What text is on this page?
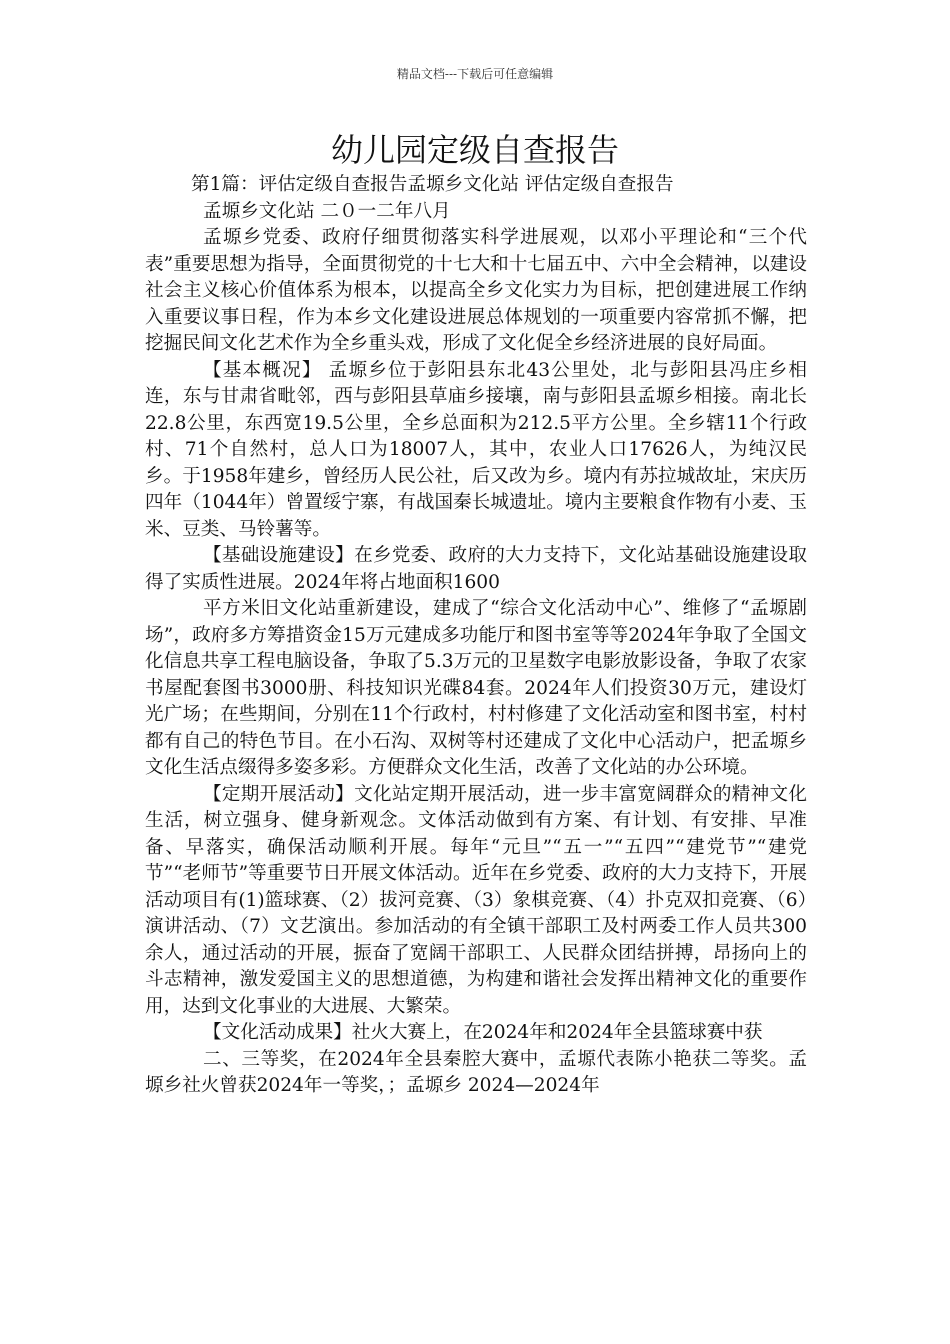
精品文档---下载后可任意编辑
幼儿园定级自查报告

第1篇：评估定级自查报告孟塬乡文化站 评估定级自查报告

孟塬乡文化站 二０一二年八月

孟塬乡党委、政府仔细贯彻落实科学进展观，以邓小平理论和“三个代表”重要思想为指导，全面贯彻党的十七大和十七届五中、六中全会精神，以建设社会主义核心价值体系为根本，以提高全乡文化实力为目标，把创建进展工作纳入重要议事日程，作为本乡文化建设进展总体规划的一项重要内容常抓不懈，把挖掘民间文化艺术作为全乡重头戏，形成了文化促全乡经济进展的良好局面。

【基本概况】 孟塬乡位于彭阳县东北43公里处，北与彭阳县冯庄乡相连，东与甘肃省毗邻，西与彭阳县草庙乡接壤，南与彭阳县孟塬乡相接。南北长22.8公里，东西宽19.5公里，全乡总面积为212.5平方公里。全乡辖11个行政村、71个自然村，总人口为18007人，其中，农业人口17626人，为纯汉民乡。于1958年建乡，曾经历人民公社，后又改为乡。境内有苏拉城故址，宋庆历四年（1044年）曾置绥宁寨，有战国秦长城遗址。境内主要粮食作物有小麦、玉米、豆类、马铃薯等。

【基础设施建设】在乡党委、政府的大力支持下，文化站基础设施建设取得了实质性进展。2024年将占地面积1600

平方米旧文化站重新建设，建成了“综合文化活动中心”、维修了“孟塬剧场”，政府多方筹措资金15万元建成多功能厅和图书室等等2024年争取了全国文化信息共享工程电脑设备，争取了5.3万元的卫星数字电影放影设备，争取了农家书屋配套图书3000册、科技知识光碟84套。2024年人们投资30万元，建设灯光广场；在些期间，分别在11个行政村，村村修建了文化活动室和图书室，村村都有自己的特色节目。在小石沟、双树等村还建成了文化中心活动户，把孟塬乡文化生活点缀得多姿多彩。方便群众文化生活，改善了文化站的办公环境。

【定期开展活动】文化站定期开展活动，进一步丰富宽阔群众的精神文化生活，树立强身、健身新观念。文体活动做到有方案、有计划、有安排、早准备、早落实，确保活动顺利开展。每年“元旦”“五一”“五四”“建党节”“建党节”“老师节”等重要节日开展文体活动。近年在乡党委、政府的大力支持下，开展活动项目有(1)篮球赛、（2）拔河竞赛、（3）象棋竞赛、（4）扑克双扣竞赛、（6）演讲活动、（7）文艺演出。参加活动的有全镇干部职工及村两委工作人员共300余人，通过活动的开展，振奋了宽阔干部职工、人民群众团结拼搏，昂扬向上的斗志精神，激发爱国主义的思想道德，为构建和谐社会发挥出精神文化的重要作用，达到文化事业的大进展、大繁荣。

【文化活动成果】社火大赛上，在2024年和2024年全县篮球赛中获

二、三等奖，在2024年全县秦腔大赛中，孟塬代表陈小艳获二等奖。孟塬乡社火曾获2024年一等奖，；孟塬乡 2024—2024年
